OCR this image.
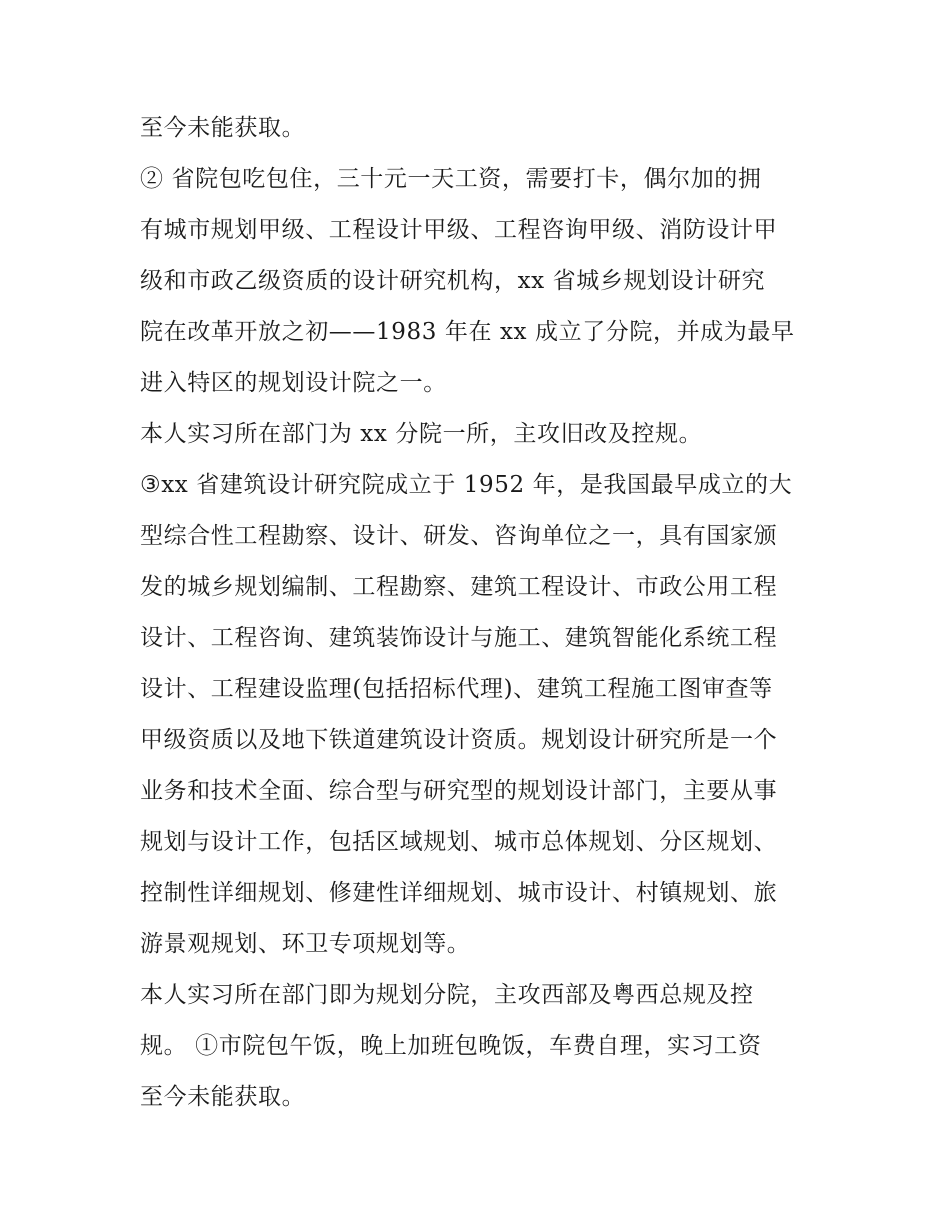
至今未能获取。
② 省院包吃包住，三十元一天工资，需要打卡，偶尔加的拥
有城市规划甲级、工程设计甲级、工程咨询甲级、消防设计甲
级和市政乙级资质的设计研究机构，xx 省城乡规划设计研究
院在改革开放之初——1983 年在 xx 成立了分院，并成为最早
进入特区的规划设计院之一。
本人实习所在部门为 xx 分院一所，主攻旧改及控规。
③xx 省建筑设计研究院成立于 1952 年，是我国最早成立的大
型综合性工程勘察、设计、研发、咨询单位之一，具有国家颁
发的城乡规划编制、工程勘察、建筑工程设计、市政公用工程
设计、工程咨询、建筑装饰设计与施工、建筑智能化系统工程
设计、工程建设监理(包括招标代理)、建筑工程施工图审查等
甲级资质以及地下铁道建筑设计资质。规划设计研究所是一个
业务和技术全面、综合型与研究型的规划设计部门，主要从事
规划与设计工作，包括区域规划、城市总体规划、分区规划、
控制性详细规划、修建性详细规划、城市设计、村镇规划、旅
游景观规划、环卫专项规划等。
本人实习所在部门即为规划分院，主攻西部及粤西总规及控
规。 ①市院包午饭，晚上加班包晚饭，车费自理，实习工资
至今未能获取。
